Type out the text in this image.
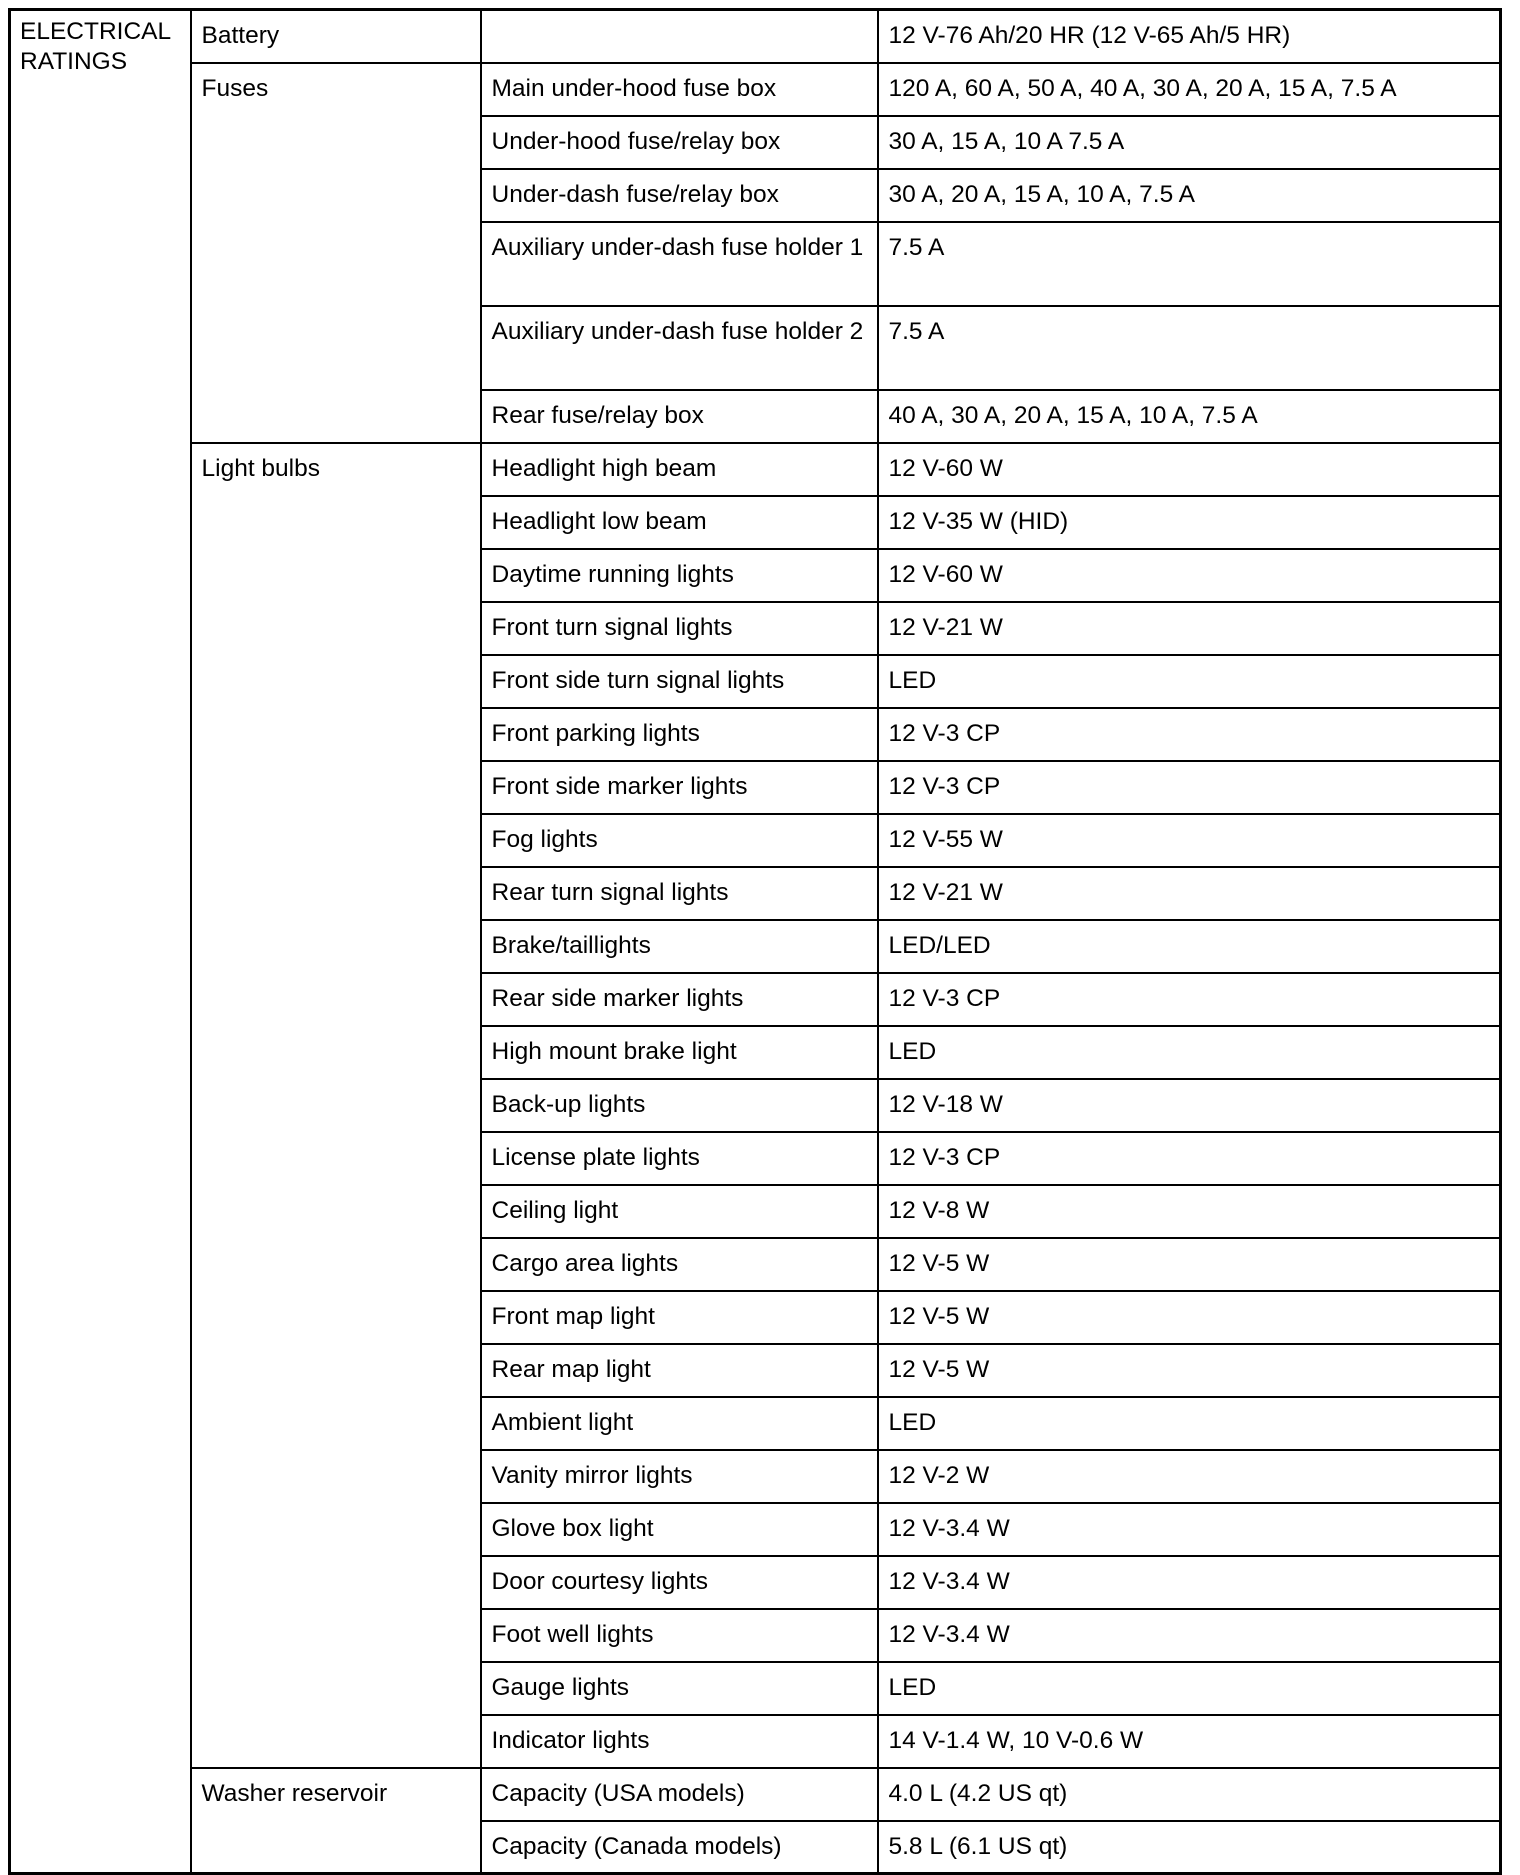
ELECTRICAL RATINGS	Battery		12 V-76 Ah/20 HR (12 V-65 Ah/5 HR)
	Fuses	Main under-hood fuse box	120 A, 60 A, 50 A, 40 A, 30 A, 20 A, 15 A, 7.5 A
		Under-hood fuse/relay box	30 A, 15 A, 10 A 7.5 A
		Under-dash fuse/relay box	30 A, 20 A, 15 A, 10 A, 7.5 A
		Auxiliary under-dash fuse holder 1	7.5 A
		Auxiliary under-dash fuse holder 2	7.5 A
		Rear fuse/relay box	40 A, 30 A, 20 A, 15 A, 10 A, 7.5 A
	Light bulbs	Headlight high beam	12 V-60 W
		Headlight low beam	12 V-35 W (HID)
		Daytime running lights	12 V-60 W
		Front turn signal lights	12 V-21 W
		Front side turn signal lights	LED
		Front parking lights	12 V-3 CP
		Front side marker lights	12 V-3 CP
		Fog lights	12 V-55 W
		Rear turn signal lights	12 V-21 W
		Brake/taillights	LED/LED
		Rear side marker lights	12 V-3 CP
		High mount brake light	LED
		Back-up lights	12 V-18 W
		License plate lights	12 V-3 CP
		Ceiling light	12 V-8 W
		Cargo area lights	12 V-5 W
		Front map light	12 V-5 W
		Rear map light	12 V-5 W
		Ambient light	LED
		Vanity mirror lights	12 V-2 W
		Glove box light	12 V-3.4 W
		Door courtesy lights	12 V-3.4 W
		Foot well lights	12 V-3.4 W
		Gauge lights	LED
		Indicator lights	14 V-1.4 W, 10 V-0.6 W
	Washer reservoir	Capacity (USA models)	4.0 L (4.2 US qt)
		Capacity (Canada models)	5.8 L (6.1 US qt)
